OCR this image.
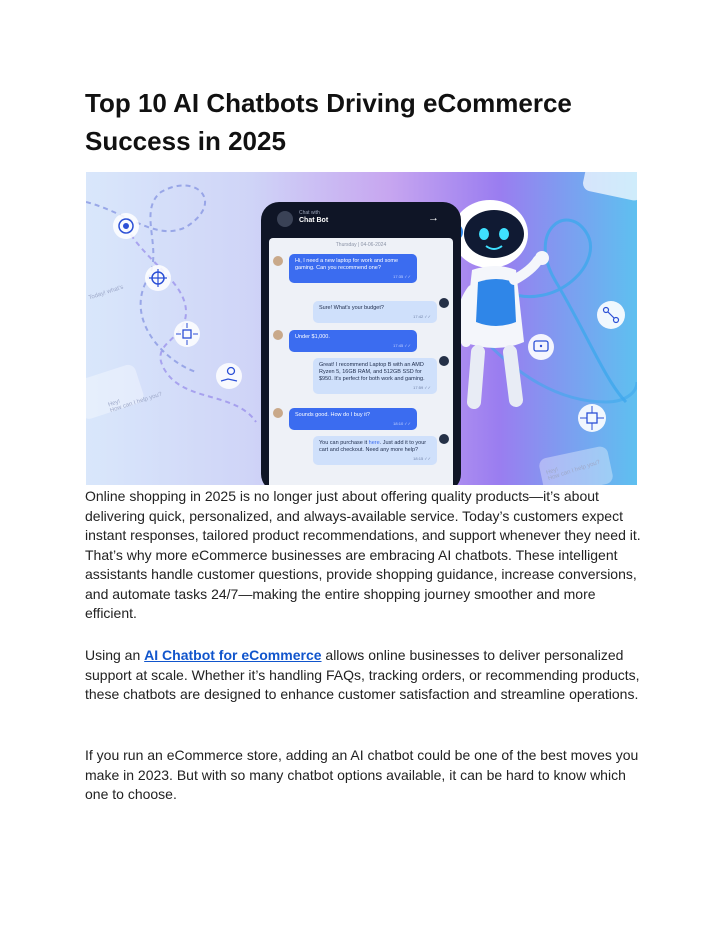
Top 10 AI Chatbots Driving eCommerce Success in 2025
Today! what's
Hey!
How can I help you?
Hey!
How can I help you?
Chat with
Chat Bot	→
Thursday | 04-06-2024
Hi, I need a new laptop for work and some gaming. Can you recommend one?
17:35 ✓✓
Sure! What's your budget?
17:42 ✓✓
Under $1,000.
17:45 ✓✓
Great! I recommend Laptop B with an AMD Ryzen 5, 16GB RAM, and 512GB SSD for $950. It's perfect for both work and gaming.
17:59 ✓✓
Sounds good. How do I buy it?
18:10 ✓✓
You can purchase it here. Just add it to your cart and checkout. Need any more help?
18:15 ✓✓

Online shopping in 2025 is no longer just about offering quality products—it’s about delivering quick, personalized, and always-available service. Today’s customers expect instant responses, tailored product recommendations, and support whenever they need it. That’s why more eCommerce businesses are embracing AI chatbots. These intelligent assistants handle customer questions, provide shopping guidance, increase conversions, and automate tasks 24/7—making the entire shopping journey smoother and more efficient.

Using an AI Chatbot for eCommerce allows online businesses to deliver personalized support at scale. Whether it’s handling FAQs, tracking orders, or recommending products, these chatbots are designed to enhance customer satisfaction and streamline operations.

If you run an eCommerce store, adding an AI chatbot could be one of the best moves you make in 2023. But with so many chatbot options available, it can be hard to know which one to choose.
